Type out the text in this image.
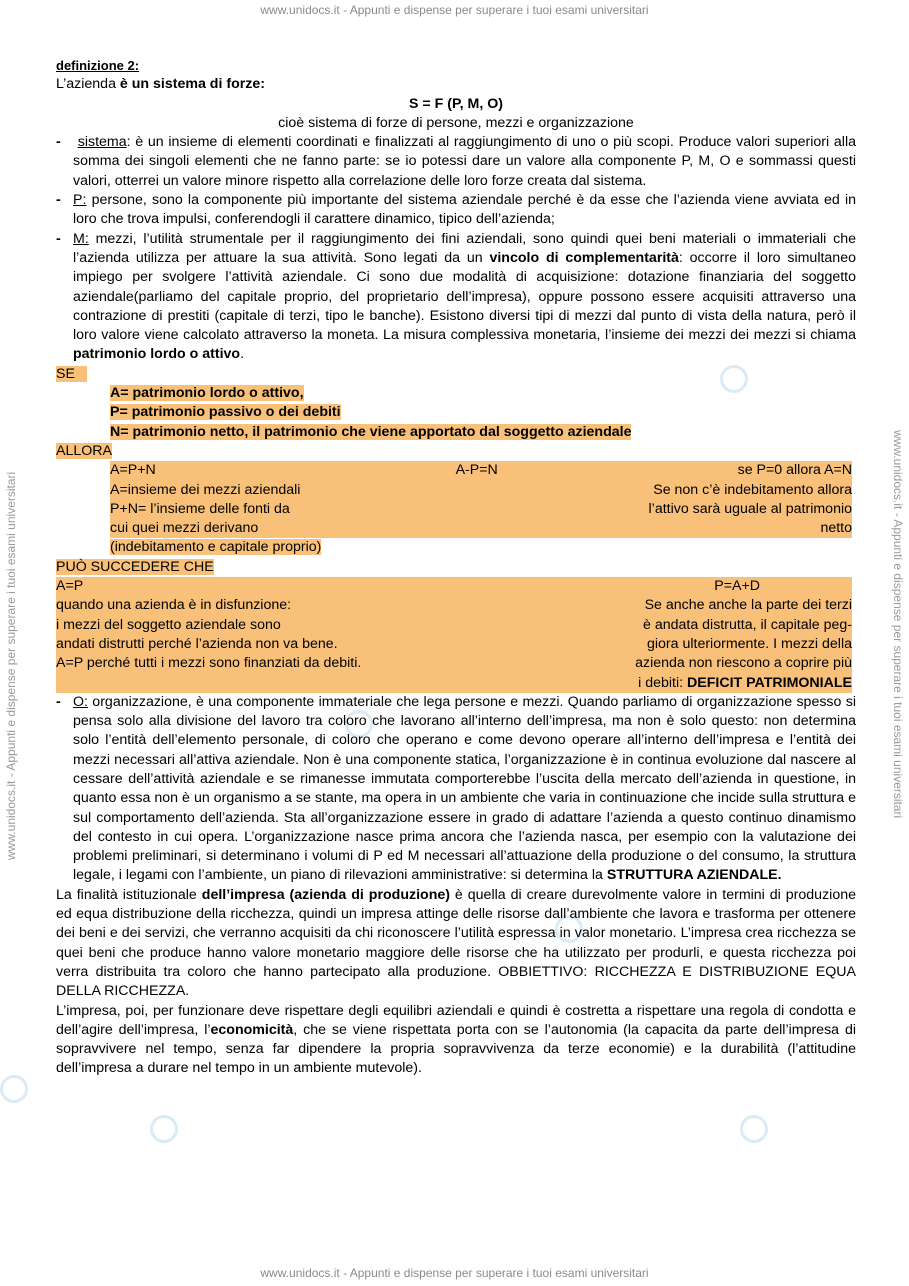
www.unidocs.it - Appunti e dispense per superare i tuoi esami universitari
www.unidocs.it - Appunti e dispense per superare i tuoi esami universitari
www.unidocs.it - Appunti e dispense per superare i tuoi esami universitari	www.unidocs.it - Appunti e dispense per superare i tuoi esami universitari
definizione 2:
L’azienda è un sistema di forze:
S = F (P, M, O)
cioè sistema di forze di persone, mezzi e organizzazione
-	sistema: è un insieme di elementi coordinati e finalizzati al raggiungimento di uno o più scopi. Produce valori superiori alla somma dei singoli elementi che ne fanno parte: se io potessi dare un valore alla componente P, M, O e sommassi questi valori, otterrei un valore minore rispetto alla correlazione delle loro forze creata dal sistema.
- P: persone, sono la componente più importante del sistema aziendale perché è da esse che l’azienda viene avviata ed in loro che trova impulsi, conferendogli il carattere dinamico, tipico dell’azienda;
- M: mezzi, l’utilità strumentale per il raggiungimento dei fini aziendali, sono quindi quei beni materiali o immateriali che l’azienda utilizza per attuare la sua attività. Sono legati da un vincolo di complementarità: occorre il loro simultaneo impiego per svolgere l’attività aziendale. Ci sono due modalità di acquisizione: dotazione finanziaria del soggetto aziendale(parliamo del capitale proprio, del proprietario dell’impresa), oppure possono essere acquisiti attraverso una contrazione di prestiti (capitale di terzi, tipo le banche). Esistono diversi tipi di mezzi dal punto di vista della natura, però il loro valore viene calcolato attraverso la moneta. La misura complessiva monetaria, l’insieme dei mezzi dei mezzi si chiama patrimonio lordo o attivo.
SE
A= patrimonio lordo o attivo,
P= patrimonio passivo o dei debiti
N= patrimonio netto, il patrimonio che viene apportato dal soggetto aziendale
ALLORA
A=P+N	A-P=N	se P=0 allora A=N
A=insieme dei mezzi aziendali	Se non c’è indebitamento allora
P+N= l’insieme delle fonti da	l’attivo sarà uguale al patrimonio
cui quei mezzi derivano	netto
(indebitamento e capitale proprio)
PUÒ SUCCEDERE CHE
A=P	P=A+D
quando una azienda è in disfunzione:	Se anche anche la parte dei terzi
i mezzi del soggetto aziendale sono	è andata distrutta, il capitale peg-
andati distrutti perché l’azienda non va bene.	giora ulteriormente. I mezzi della
A=P perché tutti i mezzi sono finanziati da debiti.	azienda non riescono a coprire più
i debiti: DEFICIT PATRIMONIALE
- O: organizzazione, è una componente immateriale che lega persone e mezzi. Quando parliamo di organizzazione spesso si pensa solo alla divisione del lavoro tra coloro che lavorano all’interno dell’impresa, ma non è solo questo: non determina solo l’entità dell’elemento personale, di coloro che operano e come devono operare all’interno dell’impresa e l’entità dei mezzi necessari all’attiva aziendale. Non è una componente statica, l’organizzazione è in continua evoluzione dal nascere al cessare dell’attività aziendale e se rimanesse immutata comporterebbe l’uscita della mercato dell’azienda in questione, in quanto essa non è un organismo a se stante, ma opera in un ambiente che varia in continuazione che incide sulla struttura e sul comportamento dell’azienda. Sta all’organizzazione essere in grado di adattare l’azienda a questo continuo dinamismo del contesto in cui opera. L’organizzazione nasce prima ancora che l’azienda nasca, per esempio con la valutazione dei problemi preliminari, si determinano i volumi di P ed M necessari all’attuazione della produzione o del consumo, la struttura legale, i legami con l’ambiente, un piano di rilevazioni amministrative: si determina la STRUTTURA AZIENDALE.
La finalità istituzionale dell’impresa (azienda di produzione) è quella di creare durevolmente valore in termini di produzione ed equa distribuzione della ricchezza, quindi un impresa attinge delle risorse dall’ambiente che lavora e trasforma per ottenere dei beni e dei servizi, che verranno acquisiti da chi riconoscere l’utilità espressa in valor monetario. L’impresa crea ricchezza se quei beni che produce hanno valore monetario maggiore delle risorse che ha utilizzato per produrli, e questa ricchezza poi verra distribuita tra coloro che hanno partecipato alla produzione. OBBIETTIVO: RICCHEZZA E DISTRIBUZIONE EQUA DELLA RICCHEZZA.
L’impresa, poi, per funzionare deve rispettare degli equilibri aziendali e quindi è costretta a rispettare una regola di condotta e dell’agire dell’impresa, l’economicità, che se viene rispettata porta con se l’autonomia (la capacita da parte dell’impresa di sopravvivere nel tempo, senza far dipendere la propria sopravvivenza da terze economie) e la durabilità (l’attitudine dell’impresa a durare nel tempo in un ambiente mutevole).
